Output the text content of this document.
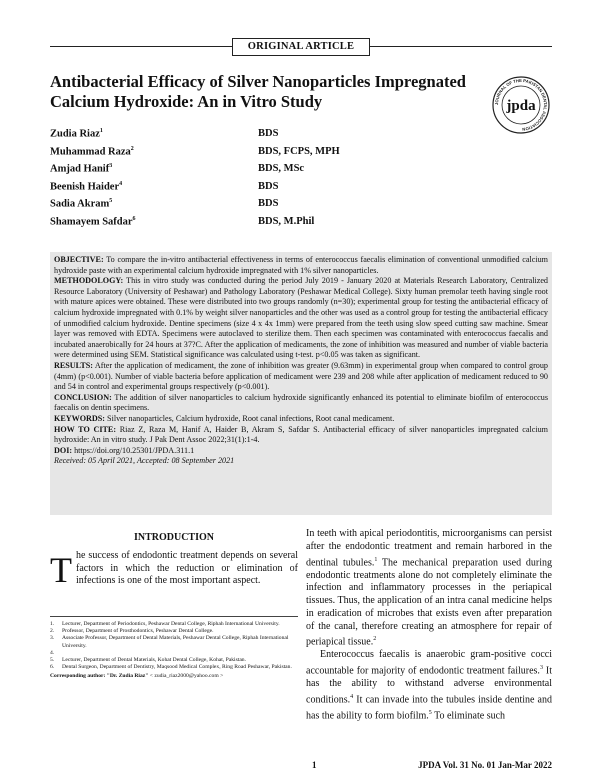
ORIGINAL ARTICLE
Antibacterial Efficacy of Silver Nanoparticles Impregnated Calcium Hydroxide: An in Vitro Study	JOURNAL OF THE PAKISTAN DENTAL ASSOCIATION
jpda
Zudia Riaz$^1$	BDS
Muhammad Raza$^2$	BDS, FCPS, MPH
Amjad Hanif$^3$	BDS, MSc
Beenish Haider$^4$	BDS
Sadia Akram$^5$	BDS
Shamayem Safdar$^6$	BDS, M.Phil

OBJECTIVE: To compare the in-vitro antibacterial effectiveness in terms of enterococcus faecalis elimination of conventional unmodified calcium hydroxide paste with an experimental calcium hydroxide impregnated with 1% silver nanoparticles.

METHODOLOGY: This in vitro study was conducted during the period July 2019 - January 2020 at Materials Research Laboratory, Centralized Resource Laboratory (University of Peshawar) and Pathology Laboratory (Peshawar Medical College). Sixty human premolar teeth having single root with mature apices were obtained. These were distributed into two groups randomly (n=30); experimental group for testing the antibacterial efficacy of calcium hydroxide impregnated with 0.1% by weight silver nanoparticles and the other was used as a control group for testing the antibacterial efficacy of unmodified calcium hydroxide. Dentine specimens (size 4 x 4x 1mm) were prepared from the teeth using slow speed cutting saw machine. Smear layer was removed with EDTA. Specimens were autoclaved to sterilize them. Then each specimen was contaminated with enterococcus faecalis and incubated anaerobically for 24 hours at 37?C. After the application of medicaments, the zone of inhibition was measured and number of viable bacteria were determined using SEM. Statistical significance was calculated using t-test. p<0.05 was taken as significant.

RESULTS: After the application of medicament, the zone of inhibition was greater (9.63mm) in experimental group when compared to control group (4mm) (p<0.001). Number of viable bacteria before application of medicament were 239 and 208 while after application of medicament reduced to 90 and 54 in control and experimental groups respectively (p<0.001).

CONCLUSION: The addition of silver nanoparticles to calcium hydroxide significantly enhanced its potential to eliminate biofilm of enterococcus faecalis on dentin specimens.

KEYWORDS: Silver nanoparticles, Calcium hydroxide, Root canal infections, Root canal medicament.

HOW TO CITE: Riaz Z, Raza M, Hanif A, Haider B, Akram S, Safdar S. Antibacterial efficacy of silver nanoparticles impregnated calcium hydroxide: An in vitro study. J Pak Dent Assoc 2022;31(1):1-4.

DOI: https://doi.org/10.25301/JPDA.311.1

Received: 05 April 2021, Accepted: 08 September 2021

INTRODUCTION
The success of endodontic treatment depends on several factors in which the reduction or elimination of infections is one of the most important aspect.
1. Lecturer, Department of Periodontics, Peshawar Dental College, Riphah International University.
2. Professor, Department of Prosthodontics, Peshawar Dental College.
3. Associate Professor, Department of Dental Materials, Peshawar Dental College, Riphah International University.
4.

5. Lecturer, Department of Dental Materials, Kohat Dental College, Kohat, Pakistan.
6. Dental Surgeon, Department of Dentistry, Maqsood Medical Complex, Ring Road Peshawar, Pakistan.
Corresponding author: "Dr. Zudia Riaz" < zudia_riaz2000@yahoo.com >

In teeth with apical periodontitis, microorganisms can persist after the endodontic treatment and remain harbored in the dentinal tubules.$^1$ The mechanical preparation used during endodontic treatments alone do not completely eliminate the infection and inflammatory processes in the periapical tissues. Thus, the application of an intra canal medicine helps in eradication of microbes that exists even after preparation of the canal, therefore creating an atmosphere for repair of periapical tissue.$^2$

Enterococcus faecalis is anaerobic gram-positive cocci accountable for majority of endodontic treatment failures.$^3$ It has the ability to withstand adverse environmental conditions.$^4$ It can invade into the tubules inside dentine and has the ability to form biofilm.$^5$ To eliminate such

1	JPDA Vol. 31 No. 01 Jan-Mar 2022
